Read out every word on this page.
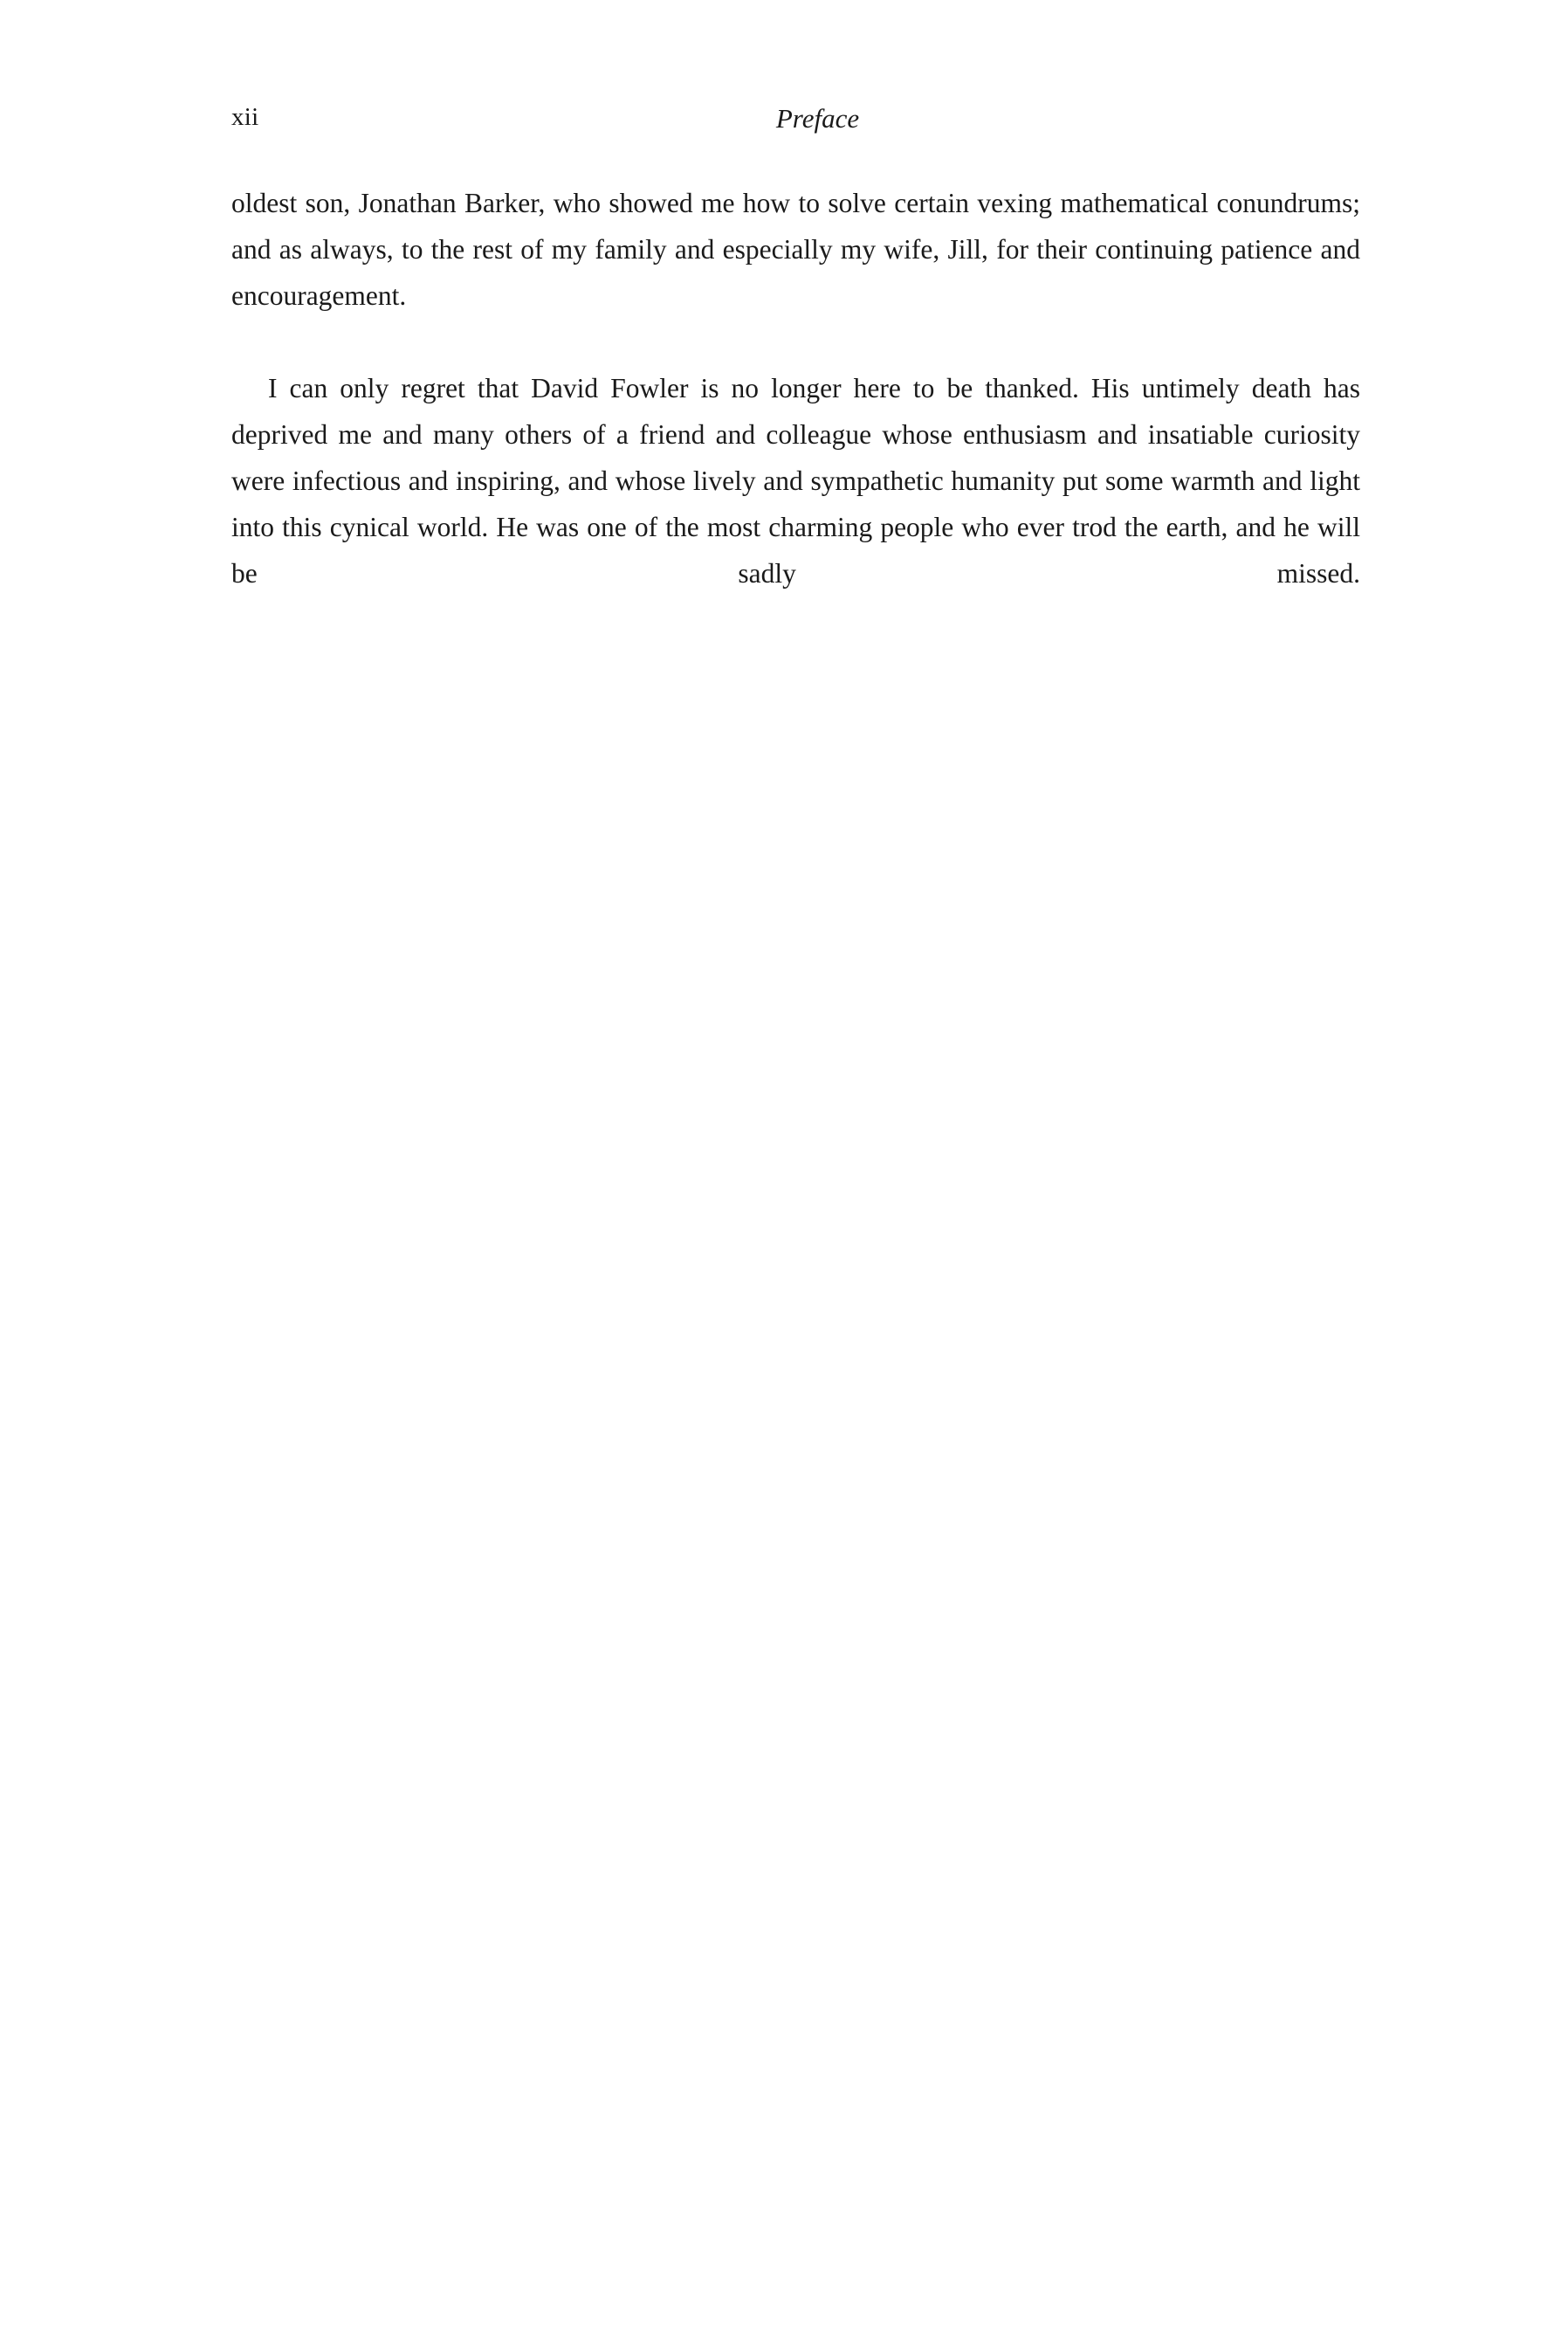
xii	Preface

oldest son, Jonathan Barker, who showed me how to solve certain vexing mathematical conundrums; and as always, to the rest of my family and especially my wife, Jill, for their continuing patience and encouragement.

I can only regret that David Fowler is no longer here to be thanked. His untimely death has deprived me and many others of a friend and colleague whose enthusiasm and insatiable curiosity were infectious and inspiring, and whose lively and sympathetic humanity put some warmth and light into this cynical world. He was one of the most charming people who ever trod the earth, and he will be sadly missed.
